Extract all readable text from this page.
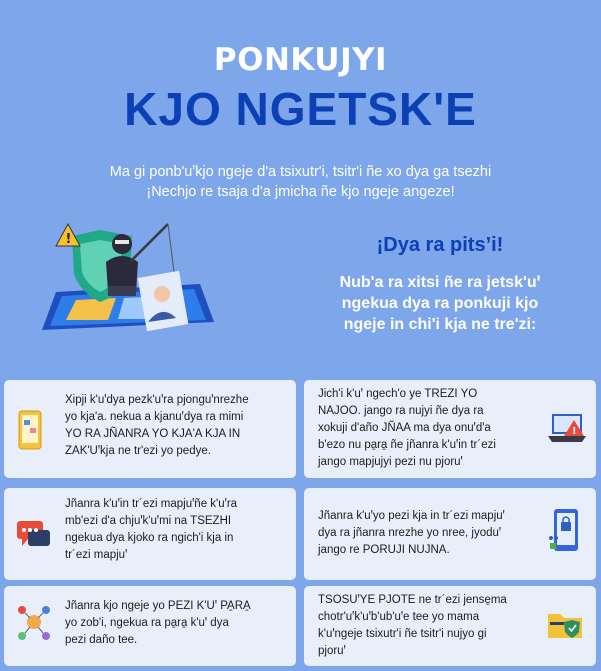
PONKUJYI
KJO NGETSK'E
Ma gi ponb'uꞌkjo ngeje d'a tsixutr'i, tsitr'i ñe xo dya ga tsezhi
¡Nechjo re tsaja d'a jmicha ñe kjo ngeje angeze!
!	¡Dya ra pits’i!
Nub'a ra xitsi ñe ra jetsk'uꞌ
ngekua dya ra ponkuji kjo
ngeje in chi'i kja ne tre'zi:
Xipji k'uꞌdya pezk'uꞌra pjonguꞌnrezhe
yo kja'a. nekua a kjanuꞌdya ra mimi
YO RA JÑANRA YO KJA'A KJA IN
ZAK'Uꞌkja ne tr'ezi yo pedye.
Jich'i k'uꞌ ngech'o ye TREZI YO
NAJOO. jango ra nujyi ñe dya ra
xokuji d'año JÑAA ma dya onuꞌd'a
b'ezo nu pa̱ra̱ ñe jñanra k'uꞌin tr´ezi
jango mapjujyi pezi nu pjoruꞌ
!
Jñanra k'uꞌin tr´ezi mapjuꞌñe k'uꞌra
mb'ezi d'a chjuꞌk'uꞌmi na TSEZHI
ngekua dya kjoko ra ngich'i kja in
tr´ezi mapjuꞌ
Jñanra k'uꞌyo pezi kja in tr´ezi mapjuꞌ
dya ra jñanra nrezhe yo nree, jyoduꞌ
jango re PORUJI NUJNA.
Jñanra kjo ngeje yo PEZI K'Uꞌ PA̱RA̱
yo zob'i, ngekua ra pa̱ra̱ k'uꞌ dya
pezi daño tee.
TSOSUꞌYE PJOTE ne tr´ezi jense̱ma
chotr'uꞌk'uꞌb'ub'uꞌe tee yo mama
k'uꞌngeje tsixutr'i ñe tsitr'i nujyo gi
pjoruꞌ
